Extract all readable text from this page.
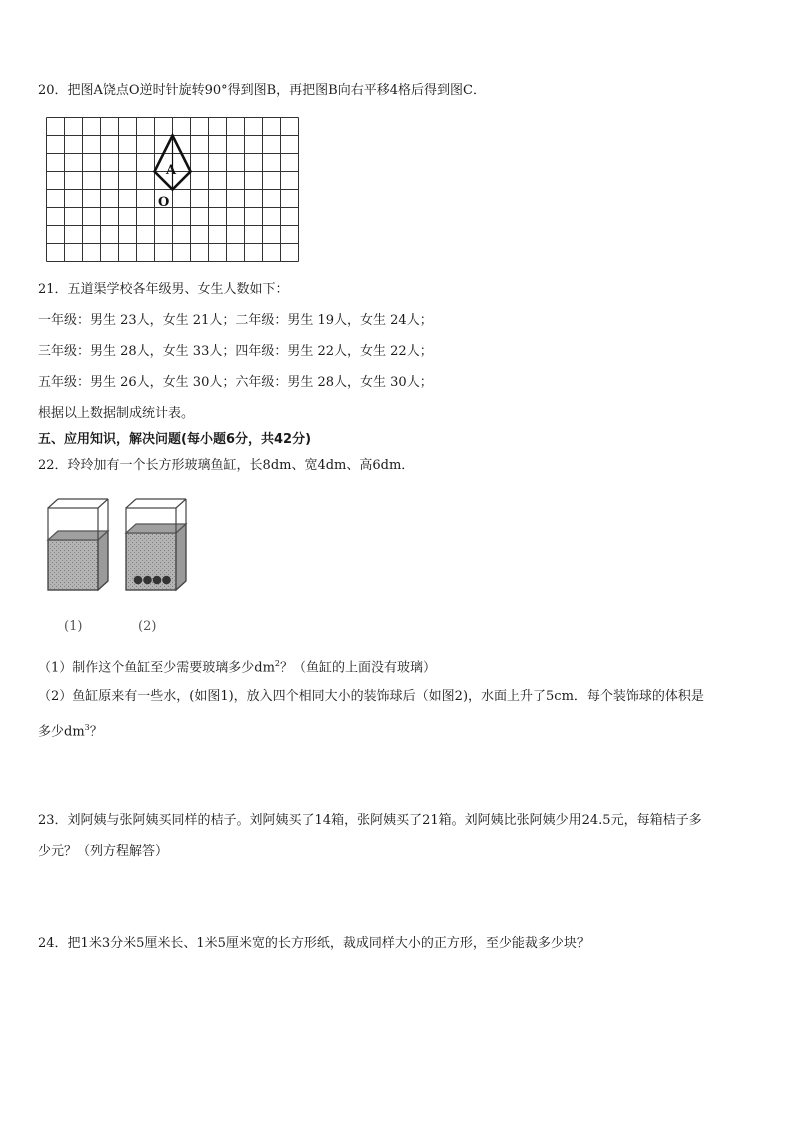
20．把图A饶点O逆时针旋转90°得到图B，再把图B向右平移4格后得到图C．
A
O
21．五道渠学校各年级男、女生人数如下：
一年级：男生 23人，女生 21人；二年级：男生 19人，女生 24人；
三年级：男生 28人，女生 33人；四年级：男生 22人，女生 22人；
五年级：男生 26人，女生 30人；六年级：男生 28人，女生 30人；
根据以上数据制成统计表。
五、应用知识，解决问题(每小题6分，共42分)
22．玲玲加有一个长方形玻璃鱼缸，长8dm、宽4dm、高6dm．
(1)	(2)
（1）制作这个鱼缸至少需要玻璃多少$dm^2$？（鱼缸的上面没有玻璃）
（2）鱼缸原来有一些水，(如图1)，放入四个相同大小的装饰球后（如图2)，水面上升了5cm．每个装饰球的体积是
多少$dm^3$？
23．刘阿姨与张阿姨买同样的桔子。刘阿姨买了14箱，张阿姨买了21箱。刘阿姨比张阿姨少用24.5元，每箱桔子多
少元？（列方程解答）
24．把1米3分米5厘米长、1米5厘米宽的长方形纸，裁成同样大小的正方形，至少能裁多少块？
